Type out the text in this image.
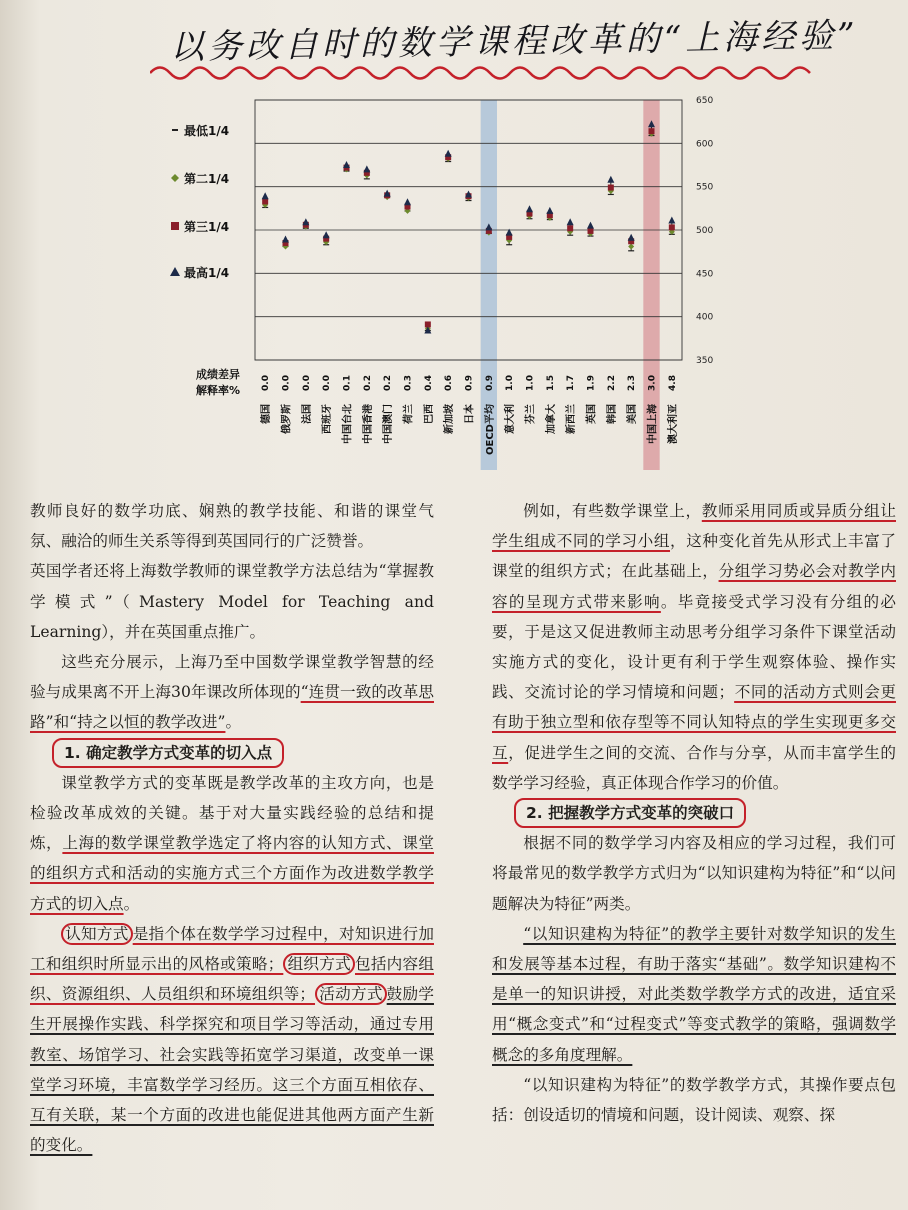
以务改自时的数学课程改革的“上海经验”
350
400
450
500
550
600
650
最低1/4
第二1/4
第三1/4
最高1/4
成绩差异
解释率% 0.0
德国
0.0
俄罗斯
0.0
法国
0.0
西班牙
0.1
中国台北
0.2
中国香港
0.2
中国澳门
0.3
荷兰
0.4
巴西
0.6
新加坡
0.9
日本
0.9
OECD平均
1.0
意大利
1.0
芬兰
1.5
加拿大
1.7
新西兰
1.9
英国
2.2
韩国
2.3
美国
3.0
中国上海
4.8
澳大利亚

教师良好的数学功底、娴熟的教学技能、和谐的课堂气氛、融洽的师生关系等得到英国同行的广泛赞誉。

英国学者还将上海数学教师的课堂教学方法总结为“掌握教学模式”（Mastery Model for Teaching and Learning），并在英国重点推广。

这些充分展示，上海乃至中国数学课堂教学智慧的经验与成果离不开上海30年课改所体现的“连贯一致的改革思路”和“持之以恒的教学改进”。

1. 确定教学方式变革的切入点

课堂教学方式的变革既是教学改革的主攻方向，也是检验改革成效的关键。基于对大量实践经验的总结和提炼，上海的数学课堂教学选定了将内容的认知方式、课堂的组织方式和活动的实施方式三个方面作为改进数学教学方式的切入点。

认知方式 是指个体在数学学习过程中，对知识进行加工和组织时所显示出的风格或策略； 组织方式 包括内容组织、资源组织、人员组织和环境组织等； 活动方式 鼓励学生开展操作实践、科学探究和项目学习等活动，通过专用教室、场馆学习、社会实践等拓宽学习渠道，改变单一课堂学习环境，丰富数学学习经历。这三个方面互相依存、互有关联，某一个方面的改进也能促进其他两方面产生新的变化。

例如，有些数学课堂上，教师采用同质或异质分组让学生组成不同的学习小组，这种变化首先从形式上丰富了课堂的组织方式；在此基础上，分组学习势必会对教学内容的呈现方式带来影响。毕竟接受式学习没有分组的必要，于是这又促进教师主动思考分组学习条件下课堂活动实施方式的变化，设计更有利于学生观察体验、操作实践、交流讨论的学习情境和问题；不同的活动方式则会更有助于独立型和依存型等不同认知特点的学生实现更多交互，促进学生之间的交流、合作与分享，从而丰富学生的数学学习经验，真正体现合作学习的价值。

2. 把握教学方式变革的突破口

根据不同的数学学习内容及相应的学习过程，我们可将最常见的数学教学方式归为“以知识建构为特征”和“以问题解决为特征”两类。

“以知识建构为特征”的教学主要针对数学知识的发生和发展等基本过程，有助于落实“基础”。数学知识建构不是单一的知识讲授，对此类数学教学方式的改进，适宜采用“概念变式”和“过程变式”等变式教学的策略，强调数学概念的多角度理解。

“以知识建构为特征”的数学教学方式，其操作要点包括：创设适切的情境和问题，设计阅读、观察、探
